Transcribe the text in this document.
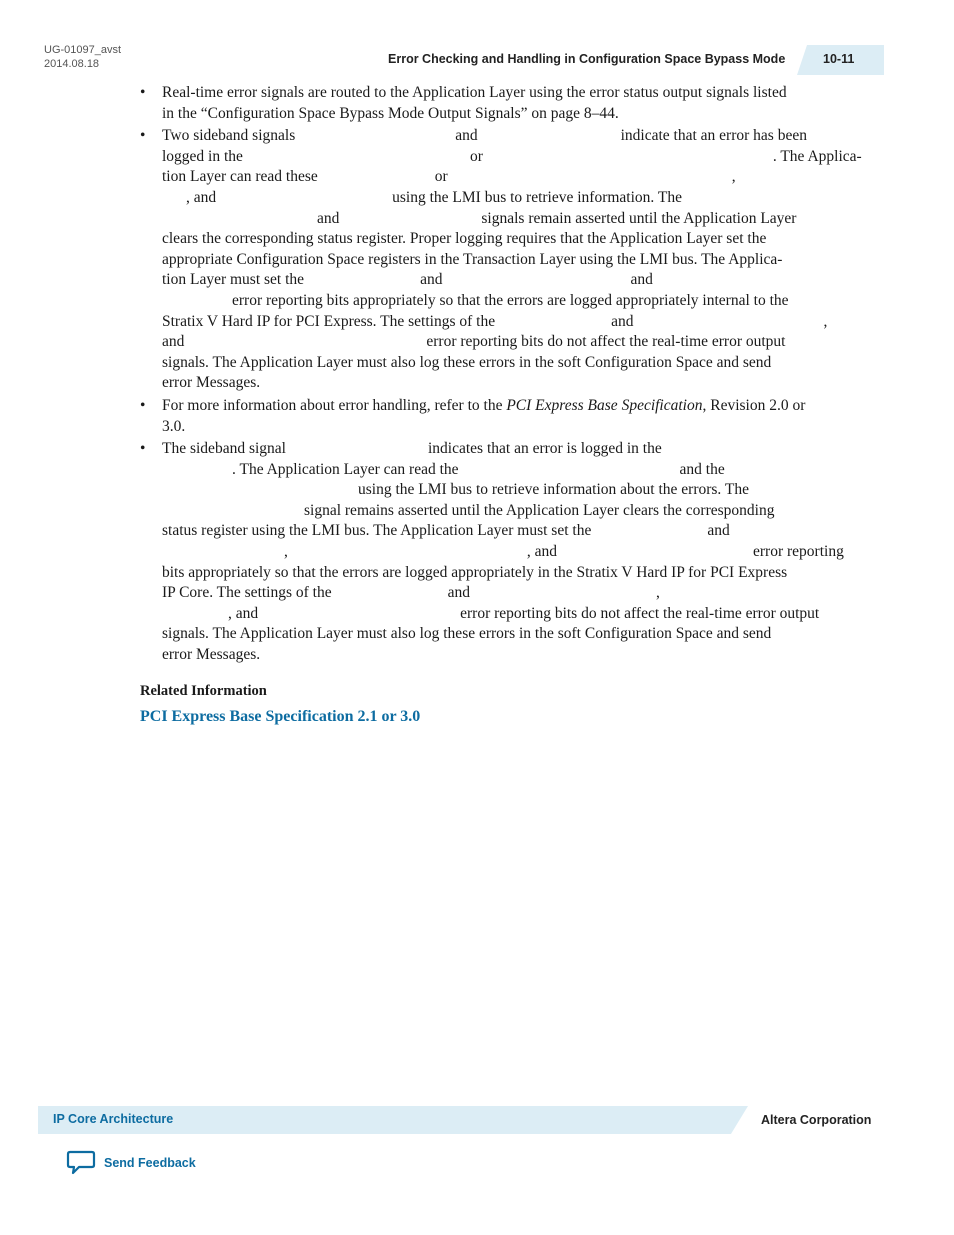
UG-01097_avst
2014.08.18	Error Checking and Handling in Configuration Space Bypass Mode	10-11
• Real-time error signals are routed to the Application Layer using the error status output signals listed
in the “Configuration Space Bypass Mode Output Signals” on page 8–44.
• Two sideband signals	and	indicate that an error has been
logged in the	or	. The Applica-
tion Layer can read these	or	,
, and	using the LMI bus to retrieve information. The
and	signals remain asserted until the Application Layer
clears the corresponding status register. Proper logging requires that the Application Layer set the
appropriate Configuration Space registers in the Transaction Layer using the LMI bus. The Applica-
tion Layer must set the	and	and
error reporting bits appropriately so that the errors are logged appropriately internal to the
Stratix V Hard IP for PCI Express. The settings of the	and	,
and	error reporting bits do not affect the real‑time error output
signals. The Application Layer must also log these errors in the soft Configuration Space and send
error Messages.
• For more information about error handling, refer to the PCI Express Base Specification, Revision 2.0 or
3.0.
• The sideband signal	indicates that an error is logged in the
. The Application Layer can read the	and the
using the LMI bus to retrieve information about the errors. The
signal remains asserted until the Application Layer clears the corresponding
status register using the LMI bus. The Application Layer must set the	and
,	, and	error reporting
bits appropriately so that the errors are logged appropriately in the Stratix V Hard IP for PCI Express
IP Core. The settings of the	and	,
, and	error reporting bits do not affect the real‑time error output
signals. The Application Layer must also log these errors in the soft Configuration Space and send
error Messages.
Related Information
PCI Express Base Specification 2.1 or 3.0
IP Core Architecture	Altera Corporation
Send Feedback
